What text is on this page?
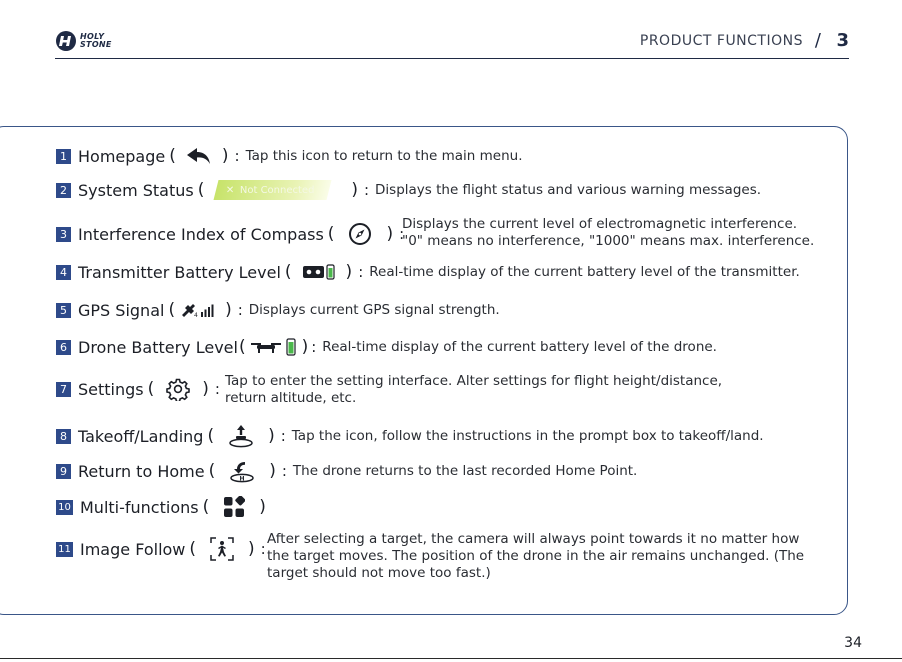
HOLY
STONE	PRODUCT FUNCTIONS / 3
1 Homepage (	) : Tap this icon to return to the main menu.
2 System Status ( ✕ Not Connected ) : Displays the flight status and various warning messages.
3 Interference Index of Compass (	) :
Displays the current level of electromagnetic interference.
"0" means no interference, "1000" means max. interference.
4 Transmitter Battery Level (	) : Real-time display of the current battery level of the transmitter.
5 GPS Signal (	4 ) : Displays current GPS signal strength.
6 Drone Battery Level (	) : Real-time display of the current battery level of the drone.
7 Settings (	) : Tap to enter the setting interface. Alter settings for flight height/distance,
return altitude, etc.
8 Takeoff/Landing (	) : Tap the icon, follow the instructions in the prompt box to takeoff/land.
9 Return to Home (	H ) : The drone returns to the last recorded Home Point.
10 Multi-functions (	)
11 Image Follow (	) :
After selecting a target, the camera will always point towards it no matter how
the target moves. The position of the drone in the air remains unchanged. (The
target should not move too fast.)
34
